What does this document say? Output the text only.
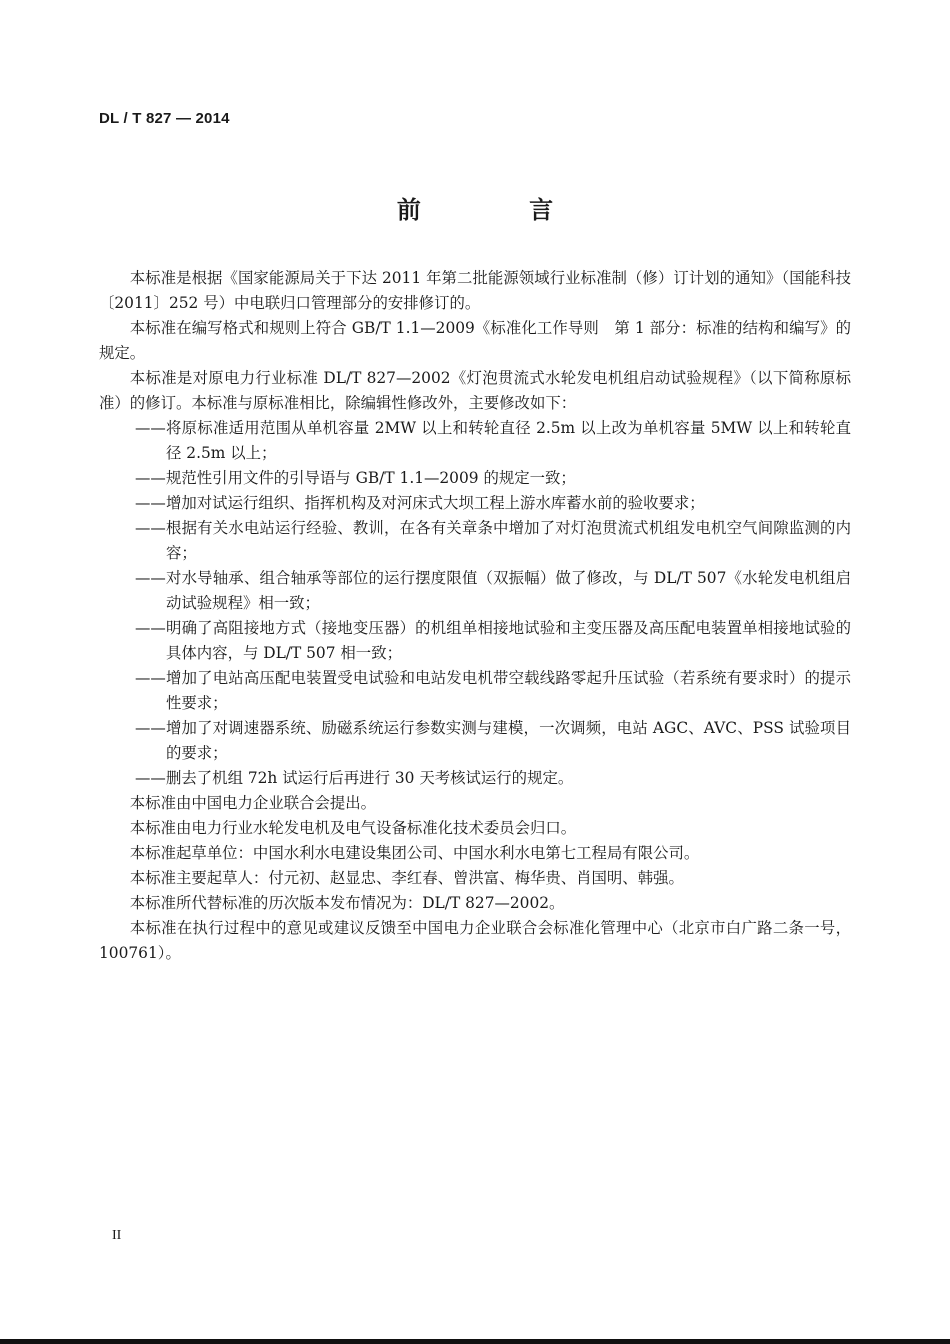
DL / T 827 — 2014
前 言

本标准是根据《国家能源局关于下达 2011 年第二批能源领域行业标准制（修）订计划的通知》（国能科技〔2011〕252 号）中电联归口管理部分的安排修订的。

本标准在编写格式和规则上符合 GB/T 1.1—2009《标准化工作导则　第 1 部分：标准的结构和编写》的规定。

本标准是对原电力行业标准 DL/T 827—2002《灯泡贯流式水轮发电机组启动试验规程》（以下简称原标准）的修订。本标准与原标准相比，除编辑性修改外，主要修改如下：

—— 将原标准适用范围从单机容量 2MW 以上和转轮直径 2.5m 以上改为单机容量 5MW 以上和转轮直径 2.5m 以上；

—— 规范性引用文件的引导语与 GB/T 1.1—2009 的规定一致；

—— 增加对试运行组织、指挥机构及对河床式大坝工程上游水库蓄水前的验收要求；

—— 根据有关水电站运行经验、教训，在各有关章条中增加了对灯泡贯流式机组发电机空气间隙监测的内容；

—— 对水导轴承、组合轴承等部位的运行摆度限值（双振幅）做了修改，与 DL/T 507《水轮发电机组启动试验规程》相一致；

—— 明确了高阻接地方式（接地变压器）的机组单相接地试验和主变压器及高压配电装置单相接地试验的具体内容，与 DL/T 507 相一致；

—— 增加了电站高压配电装置受电试验和电站发电机带空载线路零起升压试验（若系统有要求时）的提示性要求；

—— 增加了对调速器系统、励磁系统运行参数实测与建模，一次调频，电站 AGC、AVC、PSS 试验项目的要求；

—— 删去了机组 72h 试运行后再进行 30 天考核试运行的规定。

本标准由中国电力企业联合会提出。

本标准由电力行业水轮发电机及电气设备标准化技术委员会归口。

本标准起草单位：中国水利水电建设集团公司、中国水利水电第七工程局有限公司。

本标准主要起草人：付元初、赵显忠、李红春、曾洪富、梅华贵、肖国明、韩强。

本标准所代替标准的历次版本发布情况为：DL/T 827—2002。

本标准在执行过程中的意见或建议反馈至中国电力企业联合会标准化管理中心（北京市白广路二条一号，100761）。

II
